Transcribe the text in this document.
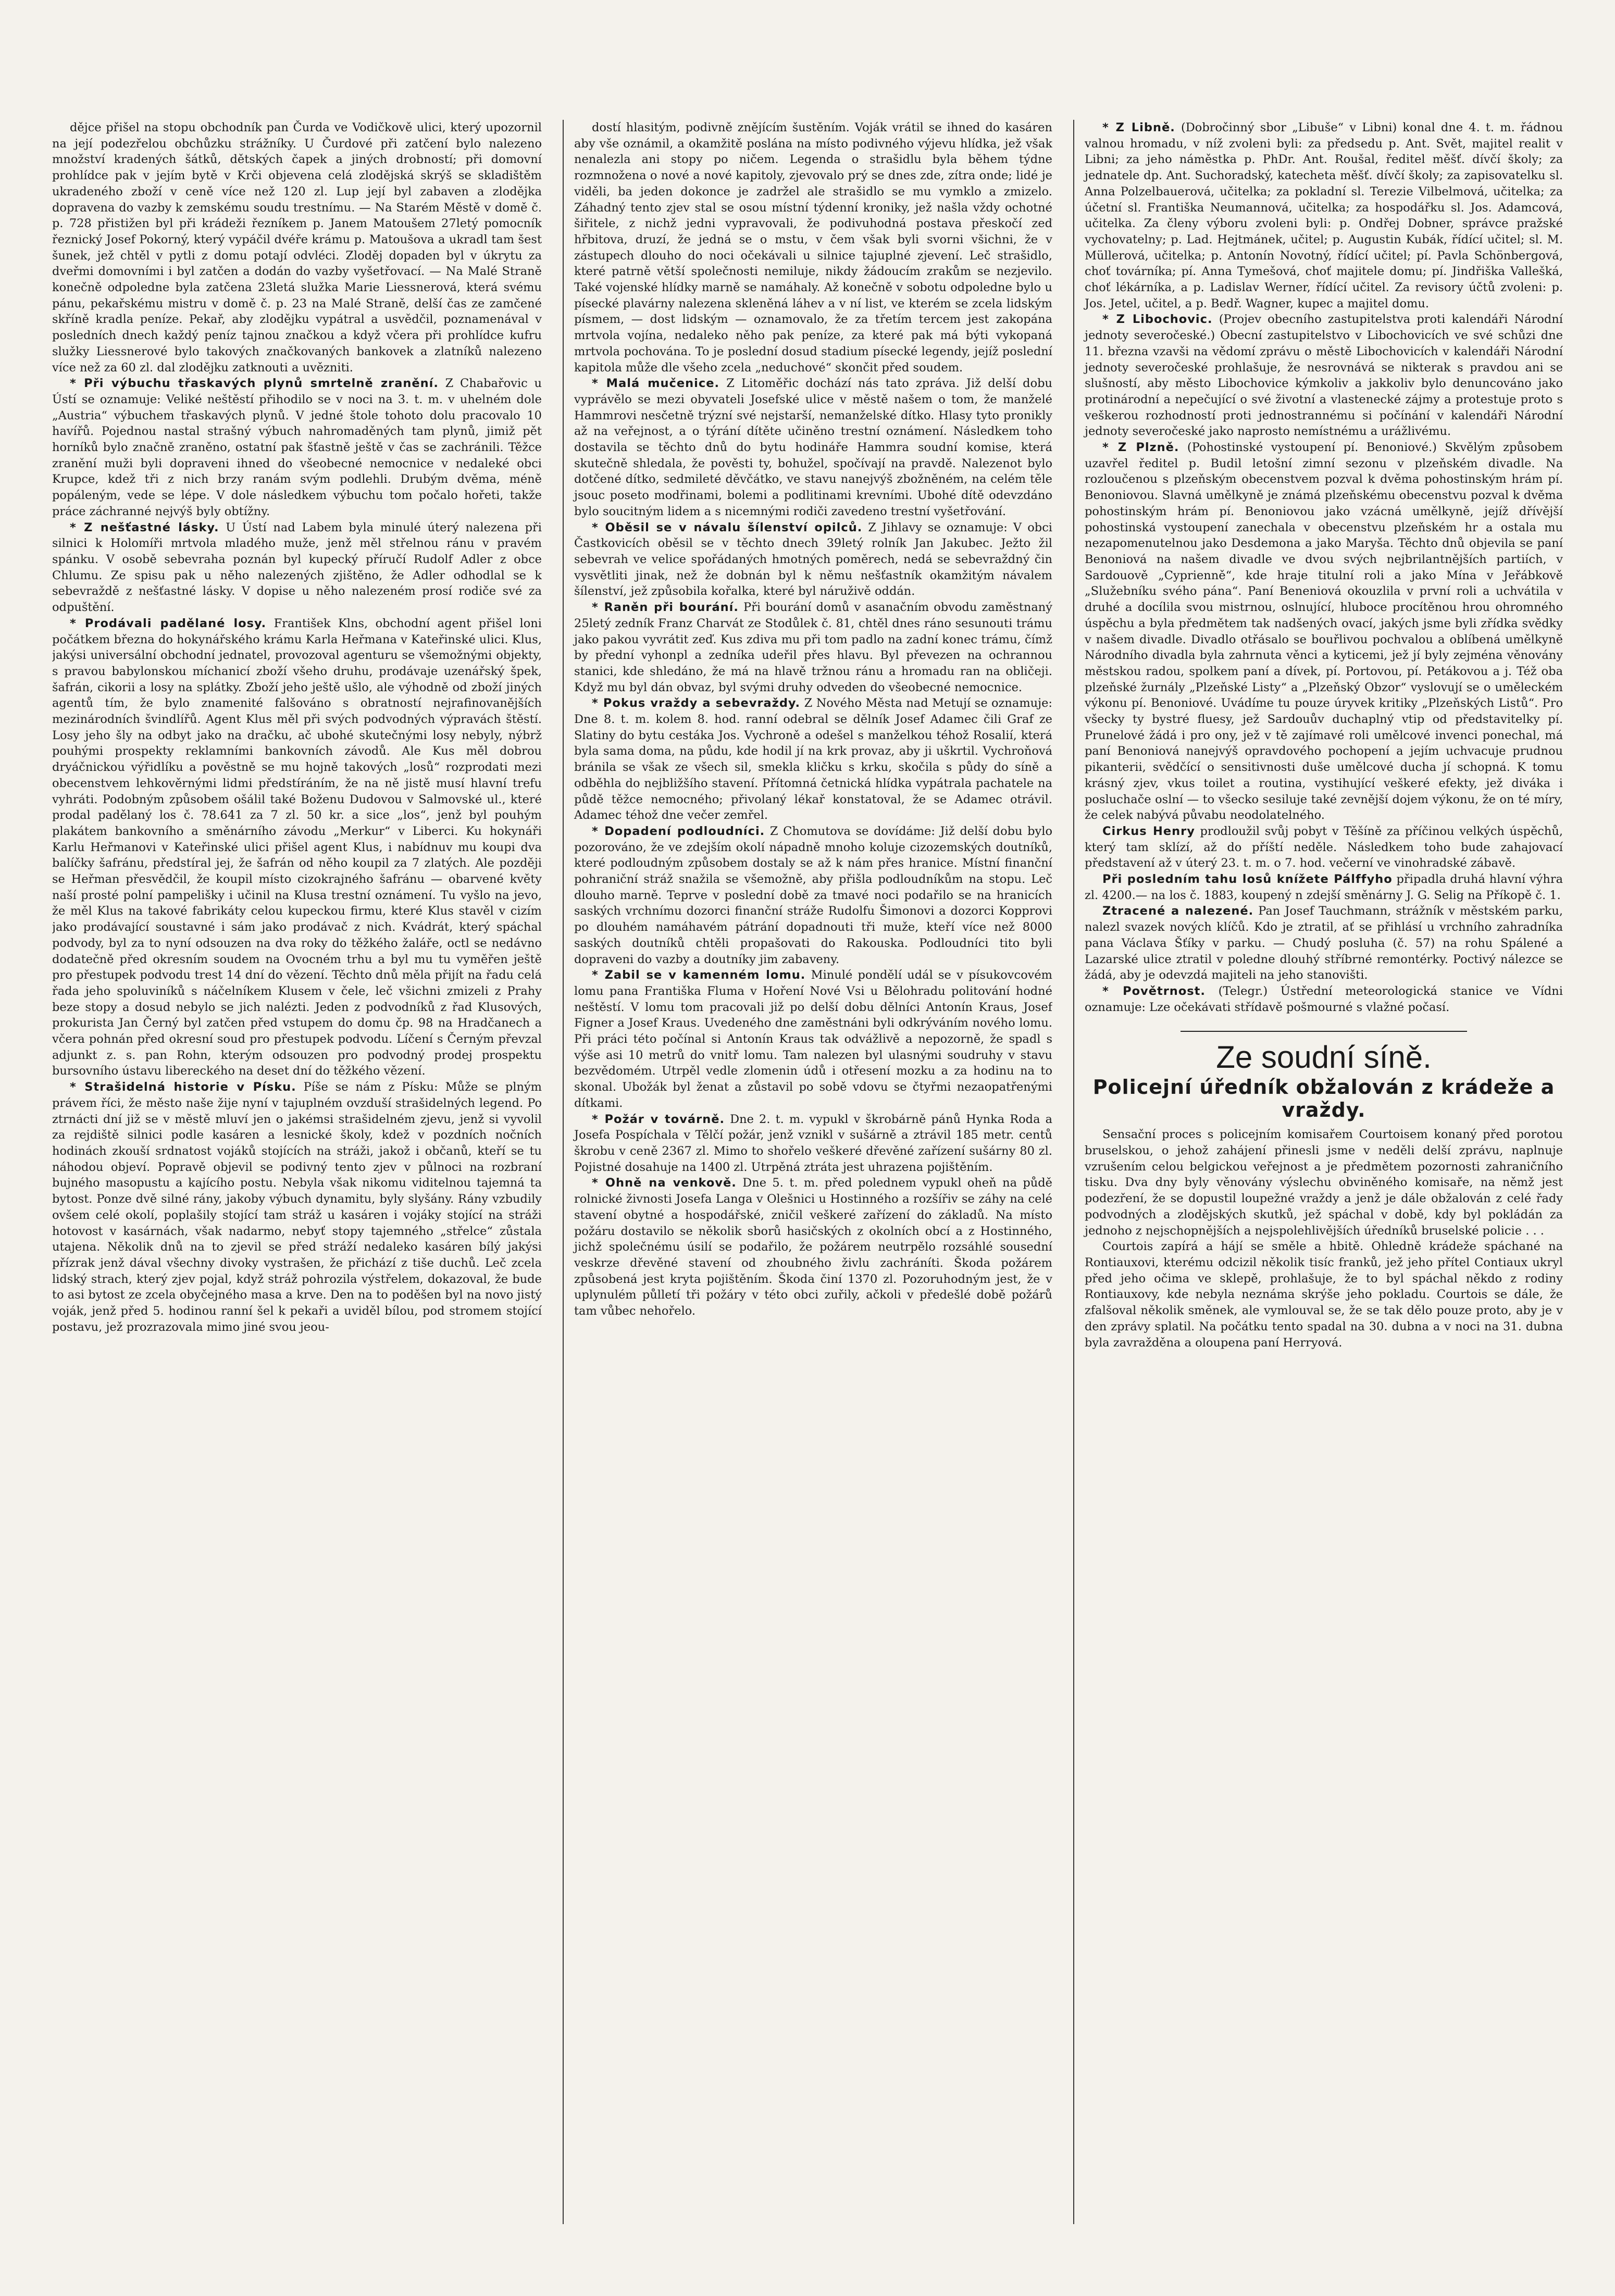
dějce přišel na stopu obchodník pan Čurda ve Vodičkově ulici, který upozornil na její podezřelou obchůzku strážníky. U Čurdové při zatčení bylo nalezeno množství kradených šátků, dětských čapek a jiných drobností; při domovní prohlídce pak v jejím bytě v Krči objevena celá zlodějská skrýš se skladištěm ukradeného zboží v ceně více než 120 zl. Lup její byl zabaven a zlodějka dopravena do vazby k zemskému soudu trestnímu. — Na Starém Městě v domě č. p. 728 přistižen byl při krádeži řezníkem p. Janem Matoušem 27letý pomocník řeznický Josef Pokorný, který vypáčil dvéře krámu p. Matoušova a ukradl tam šest šunek, jež chtěl v pytli z domu potají odvléci. Zloděj dopaden byl v úkrytu za dveřmi domovními i byl zatčen a dodán do vazby vyšetřovací. — Na Malé Straně konečně odpoledne byla zatčena 23letá služka Marie Liessnerová, která svému pánu, pekařskému mistru v domě č. p. 23 na Malé Straně, delší čas ze zamčené skříně kradla peníze. Pekař, aby zlodějku vypátral a usvědčil, poznamenával v posledních dnech každý peníz tajnou značkou a když včera při prohlídce kufru služky Liessnerové bylo takových značkovaných bankovek a zlatníků nalezeno více než za 60 zl. dal zlodějku zatknouti a uvězniti.

* Při výbuchu třaskavých plynů smrtelně zranění. Z Chabařovic u Ústí se oznamuje: Veliké neštěstí přihodilo se v noci na 3. t. m. v uhelném dole „Austria“ výbuchem třaskavých plynů. V jedné štole tohoto dolu pracovalo 10 havířů. Pojednou nastal strašný výbuch nahromaděných tam plynů, jimiž pět horníků bylo značně zraněno, ostatní pak šťastně ještě v čas se zachránili. Těžce zranění muži byli dopraveni ihned do všeobecné nemocnice v nedaleké obci Krupce, kdež tři z nich brzy ranám svým podlehli. Drubým dvěma, méně popáleným, vede se lépe. V dole následkem výbuchu tom počalo hořeti, takže práce záchranné nejvýš byly obtížny.

* Z nešťastné lásky. U Ústí nad Labem byla minulé úterý nalezena při silnici k Holomíři mrtvola mladého muže, jenž měl střelnou ránu v pravém spánku. V osobě sebevraha poznán byl kupecký příručí Rudolf Adler z obce Chlumu. Ze spisu pak u něho nalezených zjištěno, že Adler odhodlal se k sebevraždě z nešťastné lásky. V dopise u něho nalezeném prosí rodiče své za odpuštění.

* Prodávali padělané losy. František Klns, obchodní agent přišel loni počátkem března do hokynářského krámu Karla Heřmana v Kateřinské ulici. Klus, jakýsi universální obchodní jednatel, provozoval agenturu se všemožnými objekty, s pravou babylonskou míchanicí zboží všeho druhu, prodávaje uzenářský špek, šafrán, cikorii a losy na splátky. Zboží jeho ještě ušlo, ale výhodně od zboží jiných agentů tím, že bylo znamenité falšováno s obratností nejrafinovanějších mezinárodních švindlířů. Agent Klus měl při svých podvodných výpravách štěstí. Losy jeho šly na odbyt jako na dračku, ač ubohé skutečnými losy nebyly, nýbrž pouhými prospekty reklamními bankovních závodů. Ale Kus měl dobrou dryáčnickou výřidlíku a pověstně se mu hojně takových „losů“ rozprodati mezi obecenstvem lehkověrnými lidmi předstíráním, že na ně jistě musí hlavní trefu vyhráti. Podobným způsobem ošálil také Boženu Dudovou v Salmovské ul., které prodal padělaný los č. 78.641 za 7 zl. 50 kr. a sice „los“, jenž byl pouhým plakátem bankovního a směnárního závodu „Merkur“ v Liberci. Ku hokynáři Karlu Heřmanovi v Kateřinské ulici přišel agent Klus, i nabídnuv mu koupi dva balíčky šafránu, předstíral jej, že šafrán od něho koupil za 7 zlatých. Ale později se Heřman přesvědčil, že koupil místo cizokrajného šafránu — obarvené květy naší prosté polní pampelišky i učinil na Klusa trestní oznámení. Tu vyšlo na jevo, že měl Klus na takové fabrikáty celou kupeckou firmu, které Klus stavěl v cizím jako prodávající soustavné i sám jako prodávač z nich. Kvádrát, který spáchal podvody, byl za to nyní odsouzen na dva roky do těžkého žaláře, octl se nedávno dodatečně před okresním soudem na Ovocném trhu a byl mu tu vyměřen ještě pro přestupek podvodu trest 14 dní do vězení. Těchto dnů měla přijít na řadu celá řada jeho spoluviníků s náčelníkem Klusem v čele, leč všichni zmizeli z Prahy beze stopy a dosud nebylo se jich nalézti. Jeden z podvodníků z řad Klusových, prokurista Jan Černý byl zatčen před vstupem do domu čp. 98 na Hradčanech a včera pohnán před okresní soud pro přestupek podvodu. Líčení s Černým převzal adjunkt z. s. pan Rohn, kterým odsouzen pro podvodný prodej prospektu bursovního ústavu libereckého na deset dní do těžkého vězení.

* Strašidelná historie v Písku. Píše se nám z Písku: Může se plným právem říci, že město naše žije nyní v tajuplném ovzduší strašidelných legend. Po ztrnácti dní již se v městě mluví jen o jakémsi strašidelném zjevu, jenž si vyvolil za rejdiště silnici podle kasáren a lesnické školy, kdež v pozdních nočních hodinách zkouší srdnatost vojáků stojících na stráži, jakož i občanů, kteří se tu náhodou objeví. Popravě objevil se podivný tento zjev v půlnoci na rozbraní bujného masopustu a kajícího postu. Nebyla však nikomu viditelnou tajemná ta bytost. Ponze dvě silné rány, jakoby výbuch dynamitu, byly slyšány. Rány vzbudily ovšem celé okolí, poplašily stojící tam stráž u kasáren i vojáky stojící na stráži hotovost v kasárnách, však nadarmo, nebyť stopy tajemného „střelce“ zůstala utajena. Několik dnů na to zjevil se před stráží nedaleko kasáren bílý jakýsi přízrak jenž dával všechny divoky vystrašen, že přichází z tiše duchů. Leč zcela lidský strach, který zjev pojal, když stráž pohrozila výstřelem, dokazoval, že bude to asi bytost ze zcela obyčejného masa a krve. Den na to poděšen byl na novo jistý voják, jenž před 5. hodinou ranní šel k pekaři a uviděl bílou, pod stromem stojící postavu, jež prozrazovala mimo jiné svou jeou-

dostí hlasitým, podivně znějícím šustěním. Voják vrátil se ihned do kasáren aby vše oznámil, a okamžitě poslána na místo podivného výjevu hlídka, jež však nenalezla ani stopy po ničem. Legenda o strašidlu byla během týdne rozmnožena o nové a nové kapitoly, zjevovalo prý se dnes zde, zítra onde; lidé je viděli, ba jeden dokonce je zadržel ale strašidlo se mu vymklo a zmizelo. Záhadný tento zjev stal se osou místní týdenní kroniky, jež našla vždy ochotné šiřitele, z nichž jedni vypravovali, že podivuhodná postava přeskočí zeď hřbitova, druzí, že jedná se o mstu, v čem však byli svorni všichni, že v zástupech dlouho do noci očekávali u silnice tajuplné zjevení. Leč strašidlo, které patrně větší společnosti nemiluje, nikdy žádoucím zrakům se nezjevilo. Také vojenské hlídky marně se namáhaly. Až konečně v sobotu odpoledne bylo u písecké plavárny nalezena skleněná láhev a v ní list, ve kterém se zcela lidským písmem, — dost lidským — oznamovalo, že za třetím tercem jest zakopána mrtvola vojína, nedaleko něho pak peníze, za které pak má býti vykopaná mrtvola pochována. To je poslední dosud stadium písecké legendy, jejíž poslední kapitola může dle všeho zcela „neduchové“ skončit před soudem.

* Malá mučenice. Z Litoměřic dochází nás tato zpráva. Již delší dobu vyprávělo se mezi obyvateli Josefské ulice v městě našem o tom, že manželé Hammrovi nesčetně trýzní své nejstarší, nemanželské dítko. Hlasy tyto pronikly až na veřejnost, a o týrání dítěte učiněno trestní oznámení. Následkem toho dostavila se těchto dnů do bytu hodináře Hammra soudní komise, která skutečně shledala, že pověsti ty, bohužel, spočívají na pravdě. Nalezenot bylo dotčené dítko, sedmileté děvčátko, ve stavu nanejvýš zbožněném, na celém těle jsouc posetо modřinami, bolemi a podlitinami krevními. Ubohé dítě odevzdáno bylo soucitným lidem a s nicemnými rodiči zavedeno trestní vyšetřování.

* Oběsil se v návalu šílenství opilců. Z Jihlavy se oznamuje: V obci Častkovicích oběsil se v těchto dnech 39letý rolník Jan Jakubec. Ježto žil sebevrah ve velice spořádaných hmotných poměrech, nedá se sebevraždný čin vysvětliti jinak, než že dobnán byl k němu nešťastník okamžitým návalem šílenství, jež způsobila kořalka, které byl náruživě oddán.

* Raněn při bourání. Při bourání domů v asanačním obvodu zaměstnaný 25letý zedník Franz Charvát ze Stodůlek č. 81, chtěl dnes ráno sesunouti trámu jako pakou vyvrátit zeď. Kus zdiva mu při tom padlo na zadní konec trámu, čímž by přední vyhonpl a zedníka udeřil přes hlavu. Byl převezen na ochrannou stanici, kde shledáno, že má na hlavě tržnou ránu a hromadu ran na obličeji. Když mu byl dán obvaz, byl svými druhy odveden do všeobecné nemocnice.

* Pokus vraždy a sebevraždy. Z Nového Města nad Metují se oznamuje: Dne 8. t. m. kolem 8. hod. ranní odebral se dělník Josef Adamec čili Graf ze Slatiny do bytu cestáka Jos. Vychroně a odešel s manželkou téhož Rosalií, která byla sama doma, na půdu, kde hodil jí na krk provaz, aby ji uškrtil. Vychroňová bránila se však ze všech sil, smekla kličku s krku, skočila s půdy do síně a odběhla do nejbližšího stavení. Přítomná četnická hlídka vypátrala pachatele na půdě těžce nemocného; přivolaný lékař konstatoval, že se Adamec otrávil. Adamec téhož dne večer zemřel.

* Dopadení podloudníci. Z Chomutova se dovídáme: Již delší dobu bylo pozorováno, že ve zdejším okolí nápadně mnoho koluje cizozemských doutníků, které podloudným způsobem dostaly se až k nám přes hranice. Místní finanční pohraniční stráž snažila se všemožně, aby přišla podloudníkům na stopu. Leč dlouho marně. Teprve v poslední době za tmavé noci podařilo se na hranicích saských vrchnímu dozorci finanční stráže Rudolfu Šimonovi a dozorci Kopprovi po dlouhém namáhavém pátrání dopadnouti tři muže, kteří více než 8000 saských doutníků chtěli propašovati do Rakouska. Podloudníci tito byli dopraveni do vazby a doutníky jim zabaveny.

* Zabil se v kamenném lomu. Minulé pondělí udál se v písukovcovém lomu pana Františka Fluma v Hoření Nové Vsi u Bělohradu politování hodné neštěstí. V lomu tom pracovali již po delší dobu dělníci Antonín Kraus, Josef Figner a Josef Kraus. Uvedeného dne zaměstnáni byli odkrýváním nového lomu. Při práci této počínal si Antonín Kraus tak odvážlivě a nepozorně, že spadl s výše asi 10 metrů do vnitř lomu. Tam nalezen byl ulasnými soudruhy v stavu bezvědomém. Utrpěl vedle zlomenin údů i otřesení mozku a za hodinu na to skonal. Ubožák byl ženat a zůstavil po sobě vdovu se čtyřmi nezaopatřenými dítkami.

* Požár v továrně. Dne 2. t. m. vypukl v škrobárně pánů Hynka Roda a Josefa Pospíchala v Tělčí požár, jenž vznikl v sušárně a ztrávil 185 metr. centů škrobu v ceně 2367 zl. Mimo to shořelo veškeré dřevěné zařízení sušárny 80 zl. Pojistné dosahuje na 1400 zl. Utrpěná ztráta jest uhrazena pojištěním.

* Ohně na venkově. Dne 5. t. m. před polednem vypukl oheň na půdě rolnické živnosti Josefa Langa v Olešnici u Hostinného a rozšířiv se záhy na celé stavení obytné a hospodářské, zničil veškeré zařízení do základů. Na místo požáru dostavilo se několik sborů hasičských z okolních obcí a z Hostinného, jichž společnému úsilí se podařilo, že požárem neutrpělo rozsáhlé sousední veskrze dřevěné stavení od zhoubného živlu zachráníti. Škoda požárem způsobená jest kryta pojištěním. Škoda činí 1370 zl. Pozoruhodným jest, že v uplynulém půlletí tři požáry v této obci zuřily, ačkoli v předešlé době požárů tam vůbec nehořelo.

* Z Libně. (Dobročinný sbor „Libuše“ v Libni) konal dne 4. t. m. řádnou valnou hromadu, v níž zvoleni byli: za předsedu p. Ant. Svět, majitel realit v Libni; za jeho náměstka p. PhDr. Ant. Roušal, ředitel měšť. dívčí školy; za jednatele dp. Ant. Suchoradský, katecheta měšť. dívčí školy; za zapisovatelku sl. Anna Polzelbauerová, učitelka; za pokladní sl. Terezie Vilbelmová, učitelka; za účetní sl. Františka Neumannová, učitelka; za hospodářku sl. Jos. Adamcová, učitelka. Za členy výboru zvoleni byli: p. Ondřej Dobner, správce pražské vychovatelny; p. Lad. Hejtmánek, učitel; p. Augustin Kubák, řídící učitel; sl. M. Müllerová, učitelka; p. Antonín Novotný, řídící učitel; pí. Pavla Schönbergová, choť továrníka; pí. Anna Tymešová, choť majitele domu; pí. Jindřiška Vallešká, choť lékárníka, a p. Ladislav Werner, řídící učitel. Za revisory účtů zvoleni: p. Jos. Jetel, učitel, a p. Bedř. Wagner, kupec a majitel domu.

* Z Libochovic. (Projev obecního zastupitelstva proti kalendáři Národní jednoty severočeské.) Obecní zastupitelstvo v Libochovicích ve své schůzi dne 11. března vzavši na vědomí zprávu o městě Libochovicích v kalendáři Národní jednoty severočeské prohlašuje, že nesrovnává se nikterak s pravdou ani se slušností, aby město Libochovice kýmkoliv a jakkoliv bylo denuncováno jako protinárodní a nepečující o své životní a vlastenecké zájmy a protestuje proto s veškerou rozhodností proti jednostrannému si počínání v kalendáři Národní jednoty severočeské jako naprosto nemístnému a urážlivému.

* Z Plzně. (Pohostinské vystoupení pí. Benoniové.) Skvělým způsobem uzavřel ředitel p. Budil letošní zimní sezonu v plzeňském divadle. Na rozloučenou s plzeňským obecenstvem pozval k dvěma pohostinským hrám pí. Benoniovou. Slavná umělkyně je známá plzeňskému obecenstvu pozval k dvěma pohostinským hrám pí. Benoniovou jako vzácná umělkyně, jejíž dřívější pohostinská vystoupení zanechala v obecenstvu plzeňském hr a ostala mu nezapomenutelnou jako Desdemona a jako Maryša. Těchto dnů objevila se paní Benoniová na našem divadle ve dvou svých nejbrilantnějších partiích, v Sardouově „Cyprienně“, kde hraje titulní roli a jako Mína v Jeřábkově „Služebníku svého pána“. Paní Beneniová okouzlila v první roli a uchvátila v druhé a docílila svou mistrnou, oslnující, hluboce procítěnou hrou ohromného úspěchu a byla předmětem tak nadšených ovací, jakých jsme byli zřídka svědky v našem divadle. Divadlo otřásalo se bouřlivou pochvalou a oblíbená umělkyně Národního divadla byla zahrnuta věnci a kyticemi, jež jí byly zejména věnovány městskou radou, spolkem paní a dívek, pí. Portovou, pí. Petákovou a j. Též oba plzeňské žurnály „Plzeňské Listy“ a „Plzeňský Obzor“ vyslovují se o uměleckém výkonu pí. Benoniové. Uvádíme tu pouze úryvek kritiky „Plzeňských Listů“. Pro všecky ty bystré fluesy, jež Sardouův duchaplný vtip od představitelky pí. Prunelové žádá i pro ony, jež v tě zajímavé roli umělcové invenci ponechal, má paní Benoniová nanejvýš opravdového pochopení a jejím uchvacuje prudnou pikanterii, svědčící o sensitivnosti duše umělcové ducha jí schopná. K tomu krásný zjev, vkus toilet a routina, vystihující veškeré efekty, jež diváka i posluchače oslní — to všecko sesiluje také zevnější dojem výkonu, že on té míry, že celek nabývá půvabu neodolatelného.

Cirkus Henry prodloužil svůj pobyt v Těšíně za příčinou velkých úspěchů, který tam sklízí, až do příští neděle. Následkem toho bude zahajovací představení až v úterý 23. t. m. o 7. hod. večerní ve vinohradské zábavě.

Při posledním tahu losů knížete Pálffyho připadla druhá hlavní výhra zl. 4200.— na los č. 1883, koupený n zdejší směnárny J. G. Selig na Příkopě č. 1.

Ztracené a nalezené. Pan Josef Tauchmann, strážník v městském parku, nalezl svazek nových klíčů. Kdo je ztratil, ať se přihlásí u vrchního zahradníka pana Václava Šťíky v parku. — Chudý posluha (č. 57) na rohu Spálené a Lazarské ulice ztratil v poledne dlouhý stříbrné remontérky. Poctivý nálezce se žádá, aby je odevzdá majiteli na jeho stanovišti.

* Povětrnost. (Telegr.) Ústřední meteorologická stanice ve Vídni oznamuje: Lze očekávati střídavě pošmourné s vlažné počasí.

Ze soudní síně.
Policejní úředník obžalován z krádeže a vraždy.

Sensační proces s policejním komisařem Courtoisem konaný před porotou bruselskou, o jehož zahájení přinesli jsme v neděli delší zprávu, naplnuje vzrušením celou belgickou veřejnost a je předmětem pozornosti zahraničního tisku. Dva dny byly věnovány výslechu obviněného komisaře, na němž jest podezření, že se dopustil loupežné vraždy a jenž je dále obžalován z celé řady podvodných a zlodějských skutků, jež spáchal v době, kdy byl pokládán za jednoho z nejschopnějších a nejspolehlivějších úředníků bruselské policie . . .

Courtois zapírá a hájí se směle a hbitě. Ohledně krádeže spáchané na Rontiauxovi, kterému odcizil několik tisíc franků, jež jeho přítel Contiaux ukryl před jeho očima ve sklepě, prohlašuje, že to byl spáchal někdo z rodiny Rontiauxovy, kde nebyla neznáma skrýše jeho pokladu. Courtois se dále, že zfalšoval několik směnek, ale vymlouval se, že se tak dělo pouze proto, aby je v den zprávy splatil. Na počátku tento spadal na 30. dubna a v noci na 31. dubna byla zavražděna a oloupena paní Herryová.
